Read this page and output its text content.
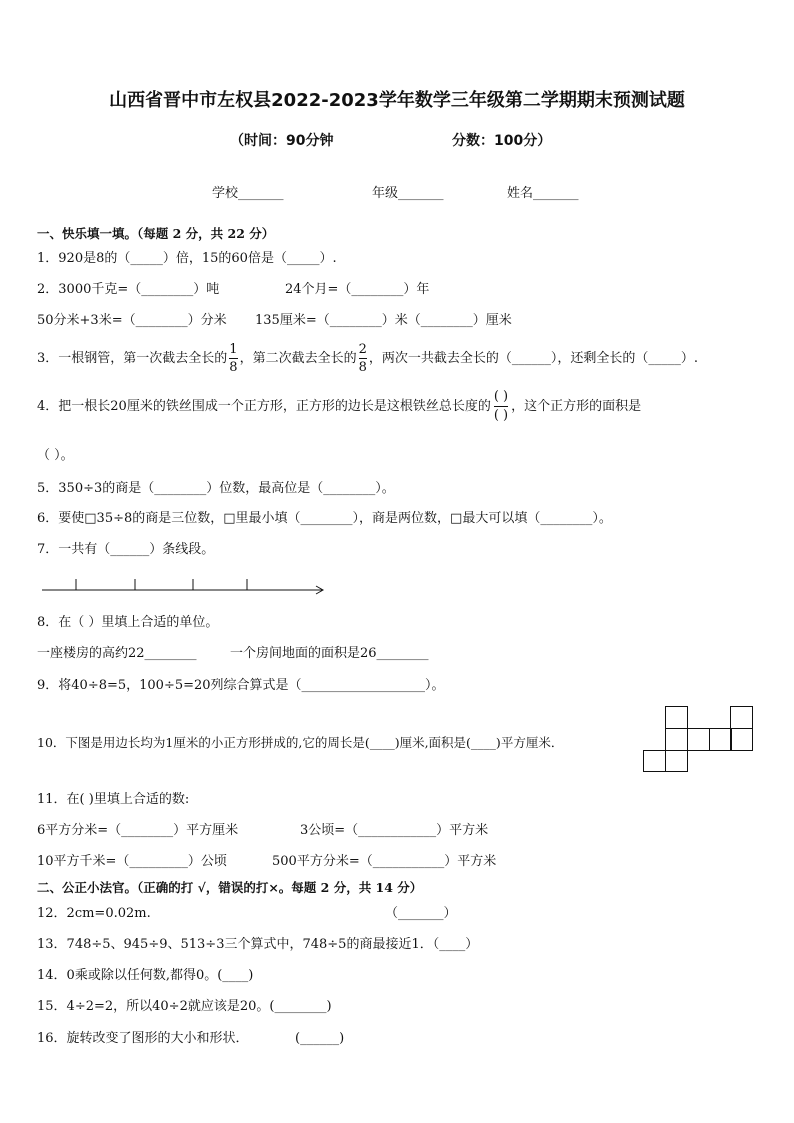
山西省晋中市左权县2022-2023学年数学三年级第二学期期末预测试题
（时间：90分钟	分数：100分）
学校_______	年级_______	姓名_______
一、快乐填一填。（每题 2 分，共 22 分）
1．920是8的（_____）倍，15的60倍是（_____）.
2．3000千克=（________）吨	24个月=（________）年
50分米+3米=（________）分米 135厘米=（________）米（________）厘米
3．一根钢管，第一次截去全长的 $\frac{1}{8}$ ，第二次截去全长的 $\frac{2}{8}$ ，两次一共截去全长的（______），还剩全长的（_____）.
4．把一根长20厘米的铁丝围成一个正方形，正方形的边长是这根铁丝总长度的 $\frac{( )}{( )}$ ，这个正方形的面积是
（ ）。
5．350÷3的商是（________）位数，最高位是（________）。
6．要使□35÷8的商是三位数，□里最小填（________），商是两位数，□最大可以填（________）。
7．一共有（______）条线段。
8．在（ ）里填上合适的单位。
一座楼房的高约22________	一个房间地面的面积是26________
9．将40÷8=5，100÷5=20列综合算式是（___________________）。
10．下图是用边长均为1厘米的小正方形拼成的,它的周长是(____)厘米,面积是(____)平方厘米．
11．在( )里填上合适的数:
6平方分米=（________）平方厘米	3公顷=（____________）平方米
10平方千米=（_________）公顷	500平方分米=（___________）平方米
二、公正小法官。（正确的打 √，错误的打×。每题 2 分，共 14 分）
12．2cm=0.02m.	（_______）
13．748÷5、945÷9、513÷3三个算式中，748÷5的商最接近1．（____）
14．0乘或除以任何数,都得0。(____)
15．4÷2=2，所以40÷2就应该是20。(________)
16．旋转改变了图形的大小和形状．	(______)
